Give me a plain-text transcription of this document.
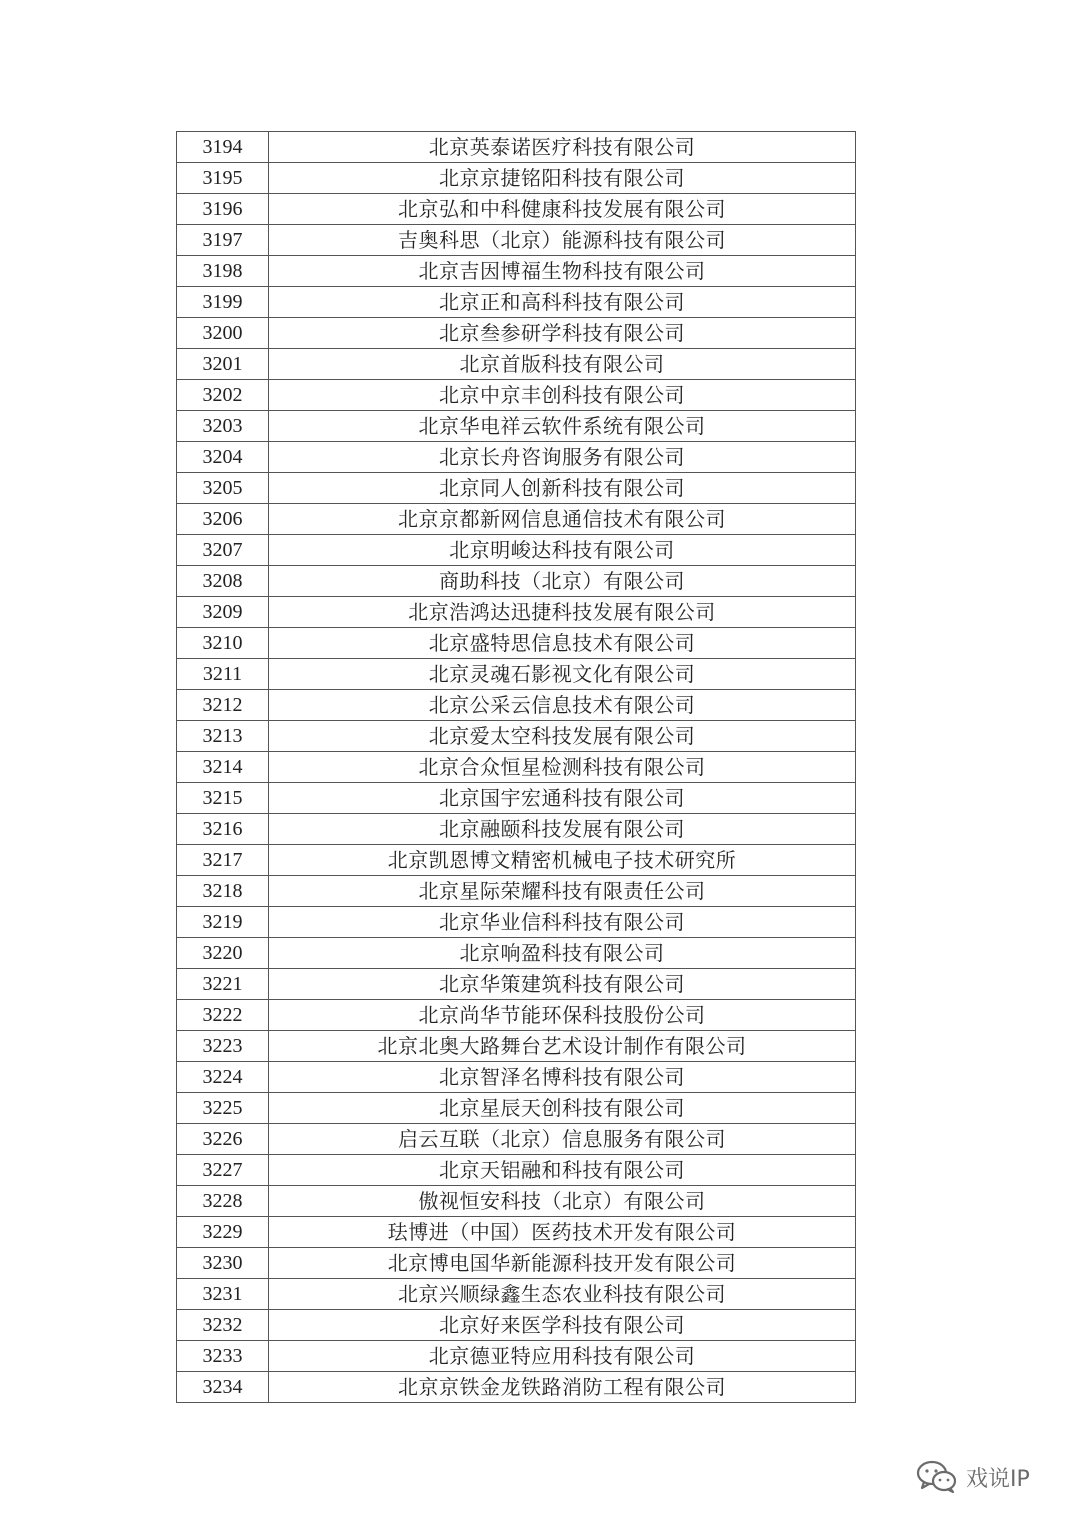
3194	北京英泰诺医疗科技有限公司
3195	北京京捷铭阳科技有限公司
3196	北京弘和中科健康科技发展有限公司
3197	吉奥科思（北京）能源科技有限公司
3198	北京吉因博福生物科技有限公司
3199	北京正和高科科技有限公司
3200	北京叁参研学科技有限公司
3201	北京首版科技有限公司
3202	北京中京丰创科技有限公司
3203	北京华电祥云软件系统有限公司
3204	北京长舟咨询服务有限公司
3205	北京同人创新科技有限公司
3206	北京京都新网信息通信技术有限公司
3207	北京明峻达科技有限公司
3208	商助科技（北京）有限公司
3209	北京浩鸿达迅捷科技发展有限公司
3210	北京盛特思信息技术有限公司
3211	北京灵魂石影视文化有限公司
3212	北京公采云信息技术有限公司
3213	北京爱太空科技发展有限公司
3214	北京合众恒星检测科技有限公司
3215	北京国宇宏通科技有限公司
3216	北京融颐科技发展有限公司
3217	北京凯恩博文精密机械电子技术研究所
3218	北京星际荣耀科技有限责任公司
3219	北京华业信科科技有限公司
3220	北京响盈科技有限公司
3221	北京华策建筑科技有限公司
3222	北京尚华节能环保科技股份公司
3223	北京北奥大路舞台艺术设计制作有限公司
3224	北京智泽名博科技有限公司
3225	北京星辰天创科技有限公司
3226	启云互联（北京）信息服务有限公司
3227	北京天铝融和科技有限公司
3228	傲视恒安科技（北京）有限公司
3229	珐博进（中国）医药技术开发有限公司
3230	北京博电国华新能源科技开发有限公司
3231	北京兴顺绿鑫生态农业科技有限公司
3232	北京好来医学科技有限公司
3233	北京德亚特应用科技有限公司
3234	北京京铁金龙铁路消防工程有限公司
戏说IP
